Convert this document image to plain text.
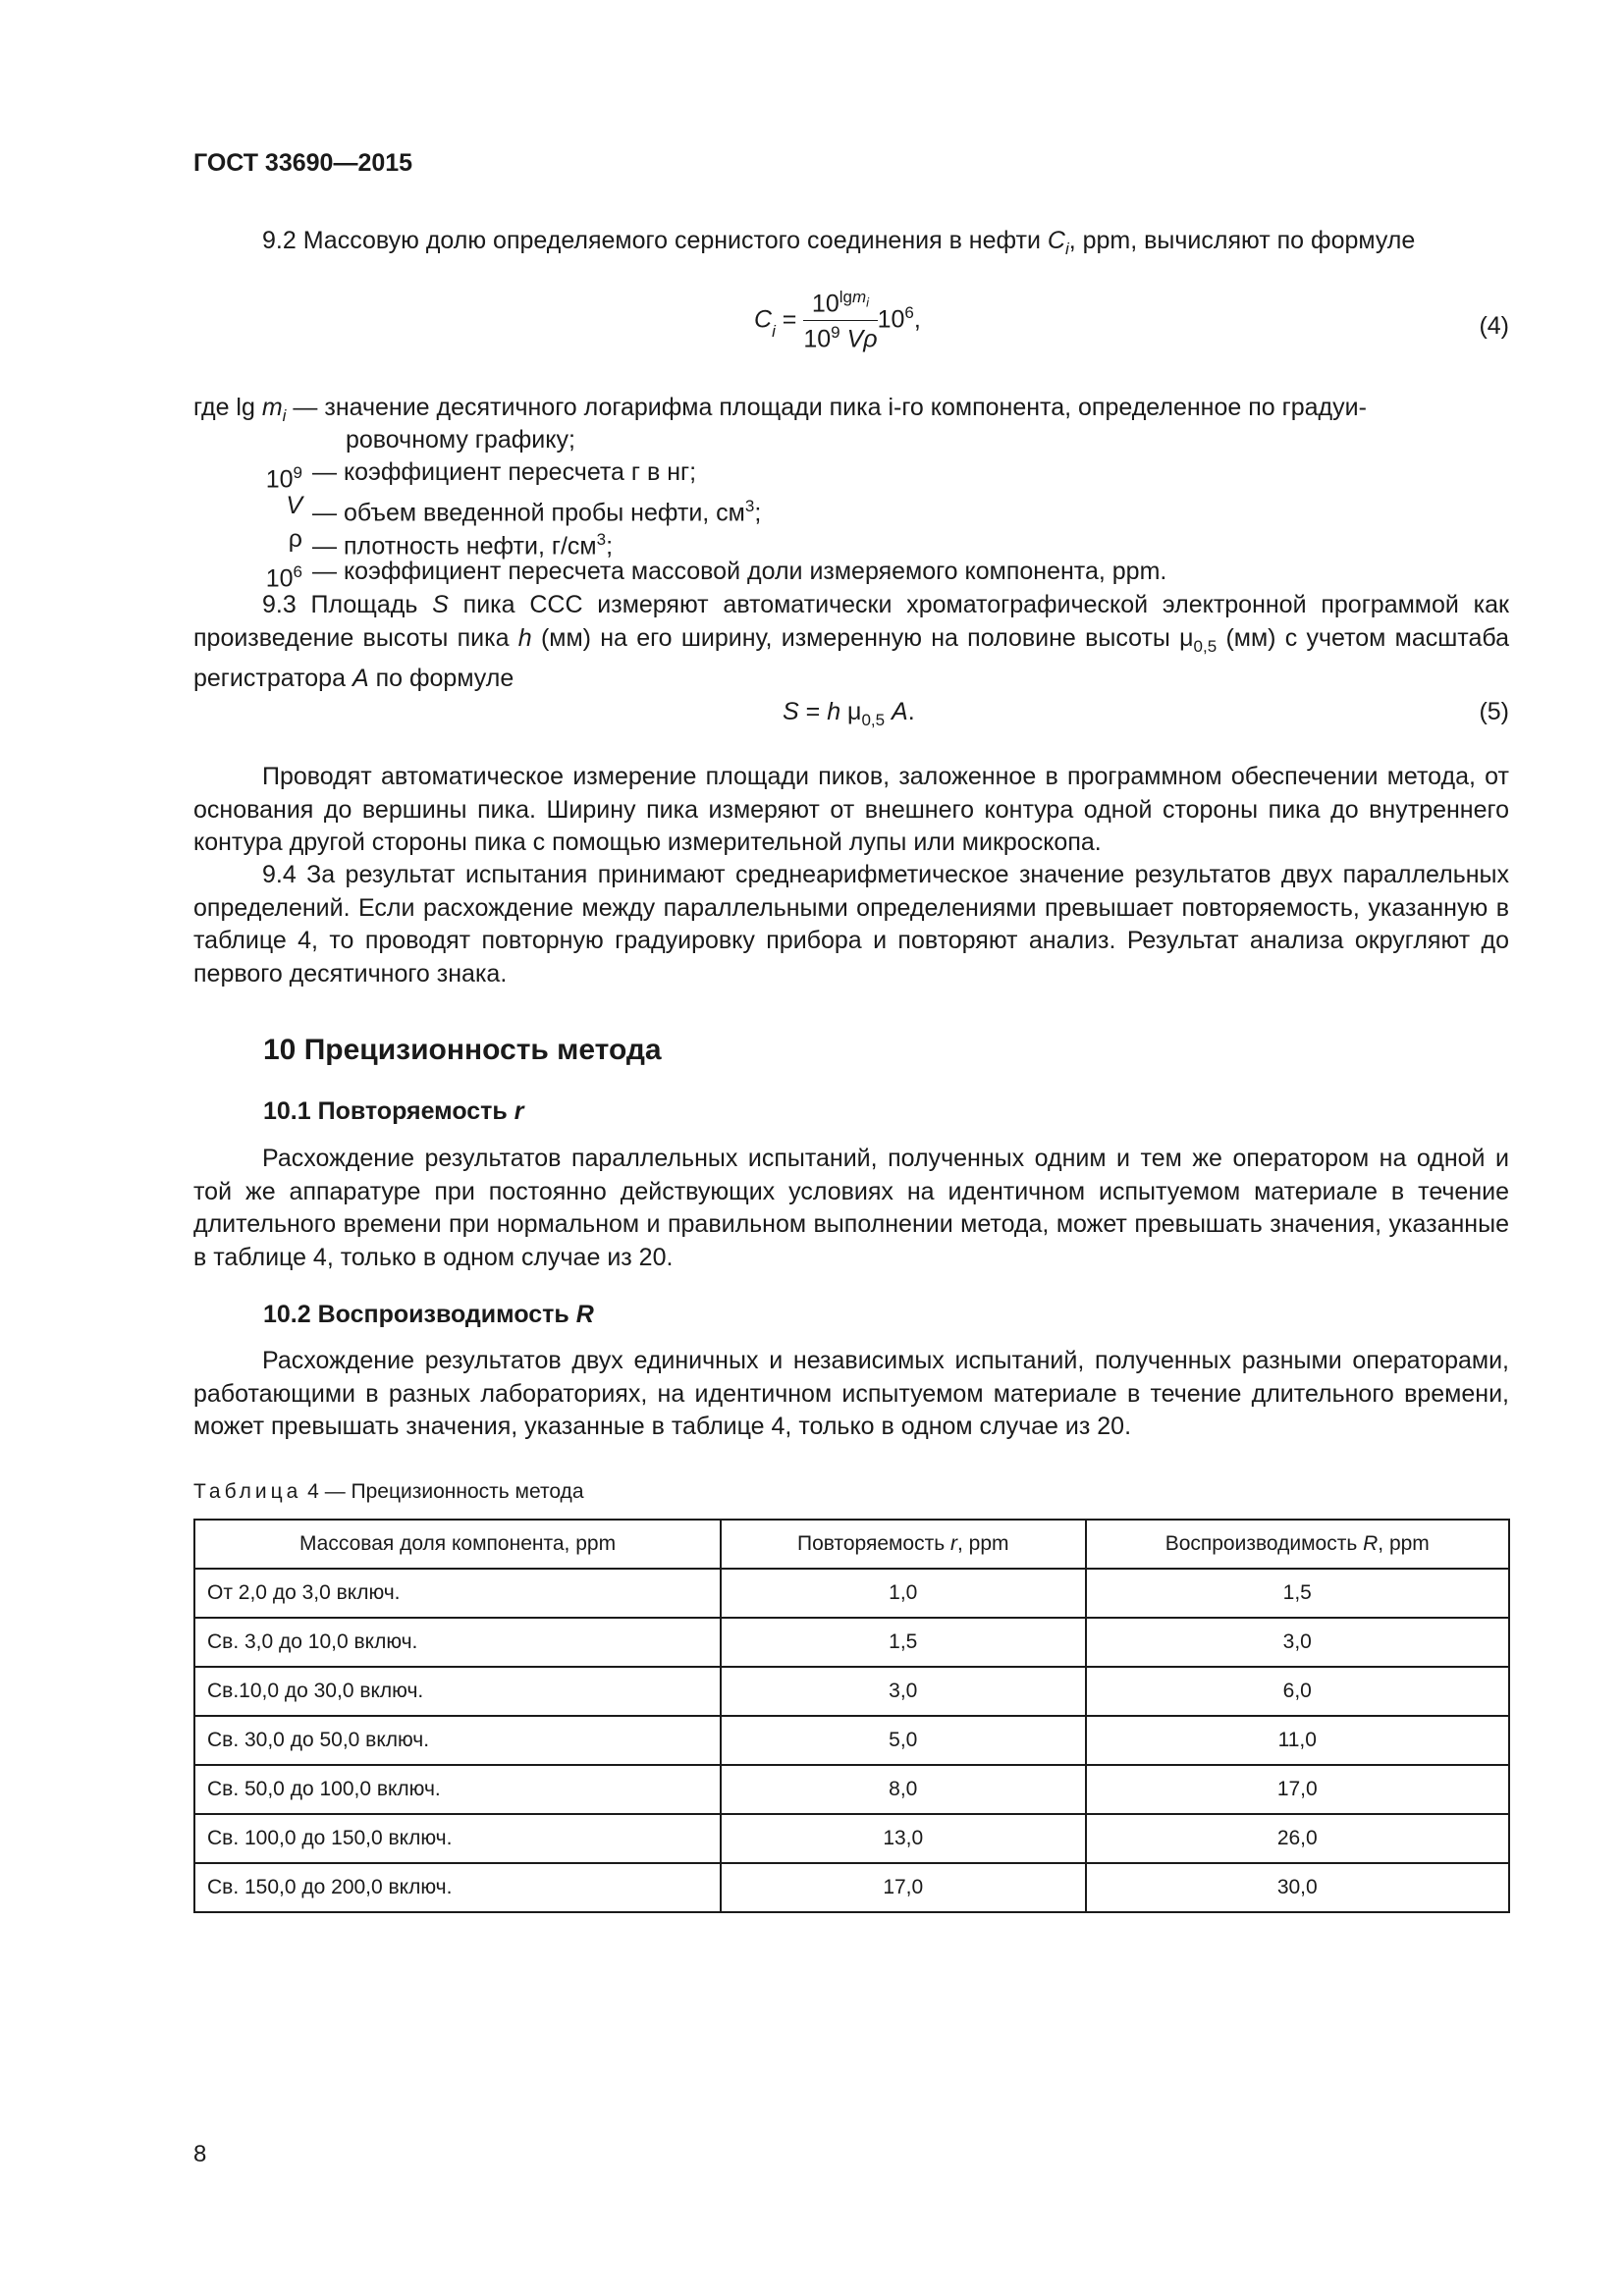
ГОСТ 33690—2015
9.2 Массовую долю определяемого сернистого соединения в нефти $C_i$, ppm, вычисляют по формуле
$C_i = \frac{10^{lgm_i}}{10^9 V\rho} 10^6$,	(4)
где $\lg m_i$ — значение десятичного логарифма площади пика i-го компонента, определенное по градуи-
ровочному графику;
$10^9$ — коэффициент пересчета г в нг;
V — объем введенной пробы нефти, $см^3$;
ρ — плотность нефти, $г/см^3$;
$10^6$ — коэффициент пересчета массовой доли измеряемого компонента, ppm.
9.3 Площадь S пика ССС измеряют автоматически хроматографической электронной программой как произведение высоты пика h (мм) на его ширину, измеренную на половине высоты $\mu_{0,5}$ (мм) с учетом масштаба регистратора A по формуле
S = h $\mu_{0,5}$ A.	(5)
Проводят автоматическое измерение площади пиков, заложенное в программном обеспечении метода, от основания до вершины пика. Ширину пика измеряют от внешнего контура одной стороны пика до внутреннего контура другой стороны пика с помощью измерительной лупы или микроскопа.
9.4 За результат испытания принимают среднеарифметическое значение результатов двух параллельных определений. Если расхождение между параллельными определениями превышает повторяемость, указанную в таблице 4, то проводят повторную градуировку прибора и повторяют анализ. Результат анализа округляют до первого десятичного знака.
10 Прецизионность метода
10.1 Повторяемость r
Расхождение результатов параллельных испытаний, полученных одним и тем же оператором на одной и той же аппаратуре при постоянно действующих условиях на идентичном испытуемом материале в течение длительного времени при нормальном и правильном выполнении метода, может превышать значения, указанные в таблице 4, только в одном случае из 20.
10.2 Воспроизводимость R
Расхождение результатов двух единичных и независимых испытаний, полученных разными операторами, работающими в разных лабораториях, на идентичном испытуемом материале в течение длительного времени, может превышать значения, указанные в таблице 4, только в одном случае из 20.
Таблица 4 — Прецизионность метода
Массовая доля компонента, ppm	Повторяемость r, ppm	Воспроизводимость R, ppm
От 2,0 до 3,0 включ.	1,0	1,5
Св. 3,0 до 10,0 включ.	1,5	3,0
Св.10,0 до 30,0 включ.	3,0	6,0
Св. 30,0 до 50,0 включ.	5,0	11,0
Св. 50,0 до 100,0 включ.	8,0	17,0
Св. 100,0 до 150,0 включ.	13,0	26,0
Св. 150,0 до 200,0 включ.	17,0	30,0
8
